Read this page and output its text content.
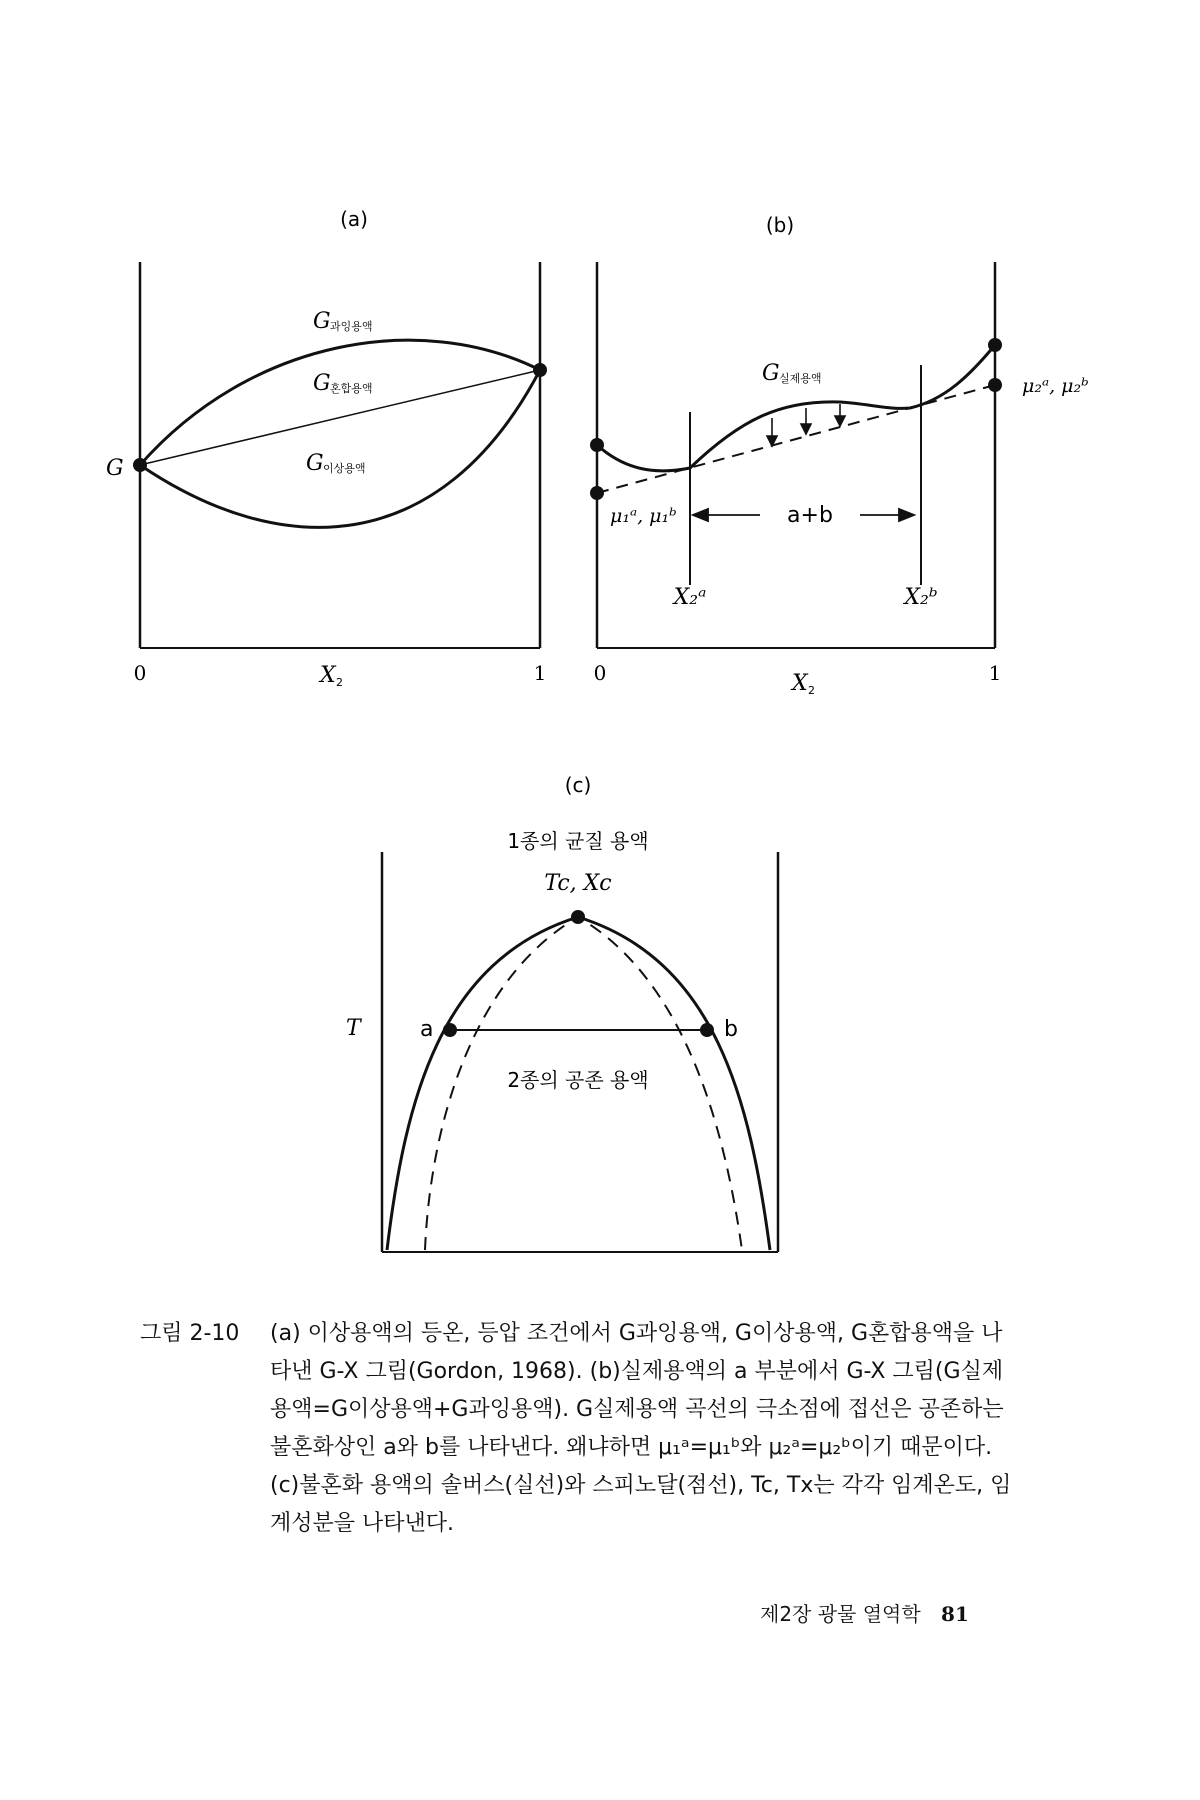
(a)
G
G 과잉용액
G 혼합용액
G 이상용액
0	1
X 2
(b)
a+b
G 실제용액
μ₁ᵃ, μ₁ᵇ
μ₂ᵃ, μ₂ᵇ
X₂ᵃ	X₂ᵇ
0	1
X 2
(c)
1종의 균질 용액
Tc, Xc
T	a	b
2종의 공존 용액
그림 2-10 (a) 이상용액의 등온, 등압 조건에서 G과잉용액, G이상용액, G혼합용액을 나타낸 G-X 그림(Gordon, 1968). (b)실제용액의 a 부분에서 G-X 그림(G실제용액=G이상용액+G과잉용액). G실제용액 곡선의 극소점에 접선은 공존하는 불혼화상인 a와 b를 나타낸다. 왜냐하면 μ₁ᵃ=μ₁ᵇ와 μ₂ᵃ=μ₂ᵇ이기 때문이다. (c)불혼화 용액의 솔버스(실선)와 스피노달(점선), Tc, Tx는 각각 임계온도, 임계성분을 나타낸다.
제2장 광물 열역학 81
